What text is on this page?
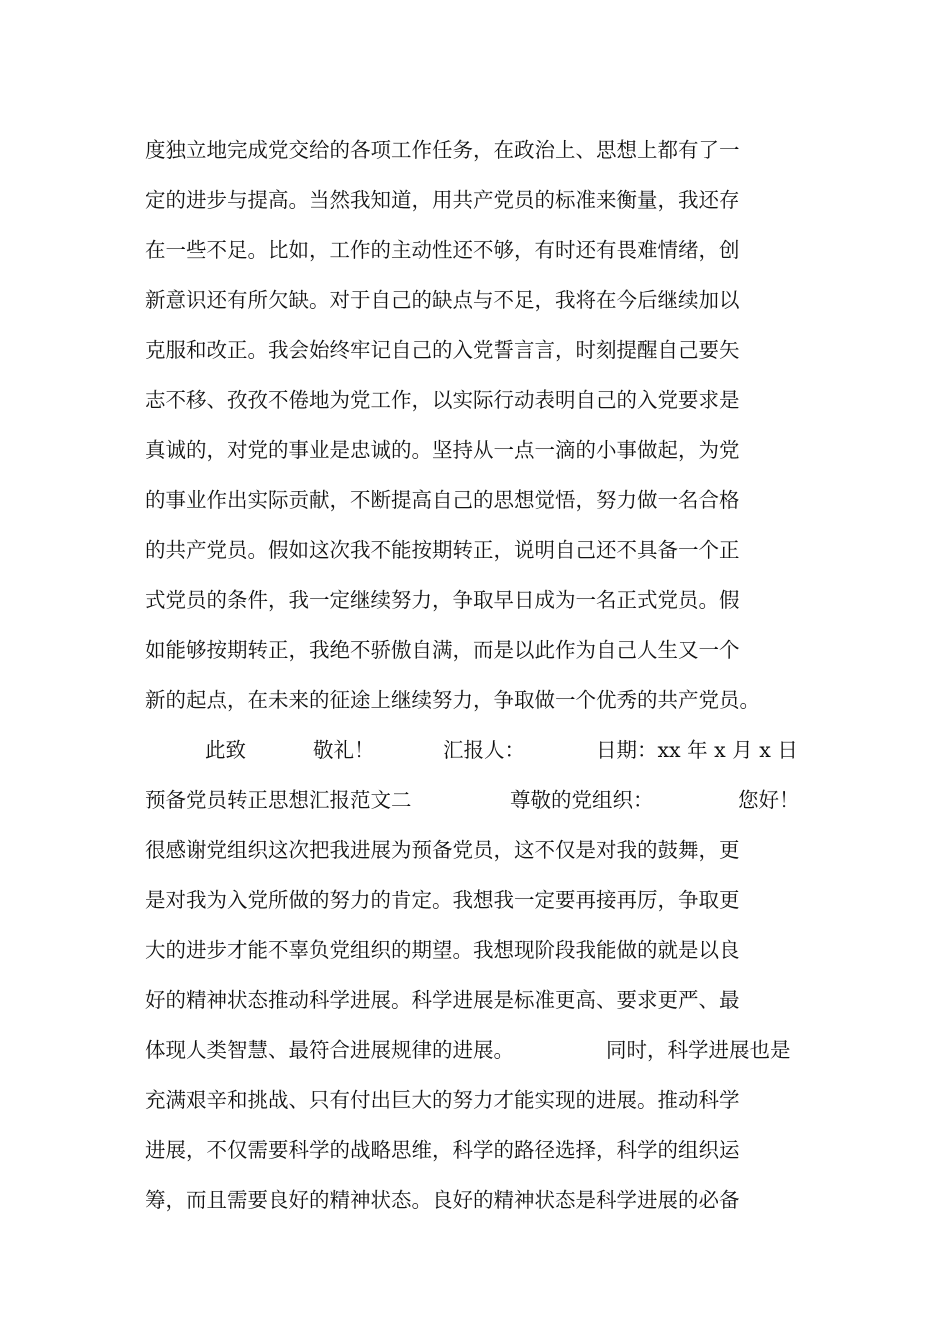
度独立地完成党交给的各项工作任务，在政治上、思想上都有了一
定的进步与提高。当然我知道，用共产党员的标准来衡量，我还存
在一些不足。比如，工作的主动性还不够，有时还有畏难情绪，创
新意识还有所欠缺。对于自己的缺点与不足，我将在今后继续加以
克服和改正。我会始终牢记自己的入党誓言言，时刻提醒自己要矢
志不移、孜孜不倦地为党工作，以实际行动表明自己的入党要求是
真诚的，对党的事业是忠诚的。坚持从一点一滴的小事做起，为党
的事业作出实际贡献，不断提高自己的思想觉悟，努力做一名合格
的共产党员。假如这次我不能按期转正，说明自己还不具备一个正
式党员的条件，我一定继续努力，争取早日成为一名正式党员。假
如能够按期转正，我绝不骄傲自满，而是以此作为自己人生又一个
新的起点，在未来的征途上继续努力，争取做一个优秀的共产党员。
此致	敬礼！	汇报人：	日期：xx 年 x 月 x 日
预备党员转正思想汇报范文二	尊敬的党组织：	您好！
很感谢党组织这次把我进展为预备党员，这不仅是对我的鼓舞，更
是对我为入党所做的努力的肯定。我想我一定要再接再厉，争取更
大的进步才能不辜负党组织的期望。我想现阶段我能做的就是以良
好的精神状态推动科学进展。科学进展是标准更高、要求更严、最
体现人类智慧、最符合进展规律的进展。	同时，科学进展也是
充满艰辛和挑战、只有付出巨大的努力才能实现的进展。推动科学
进展，不仅需要科学的战略思维，科学的路径选择，科学的组织运
筹，而且需要良好的精神状态。良好的精神状态是科学进展的必备
